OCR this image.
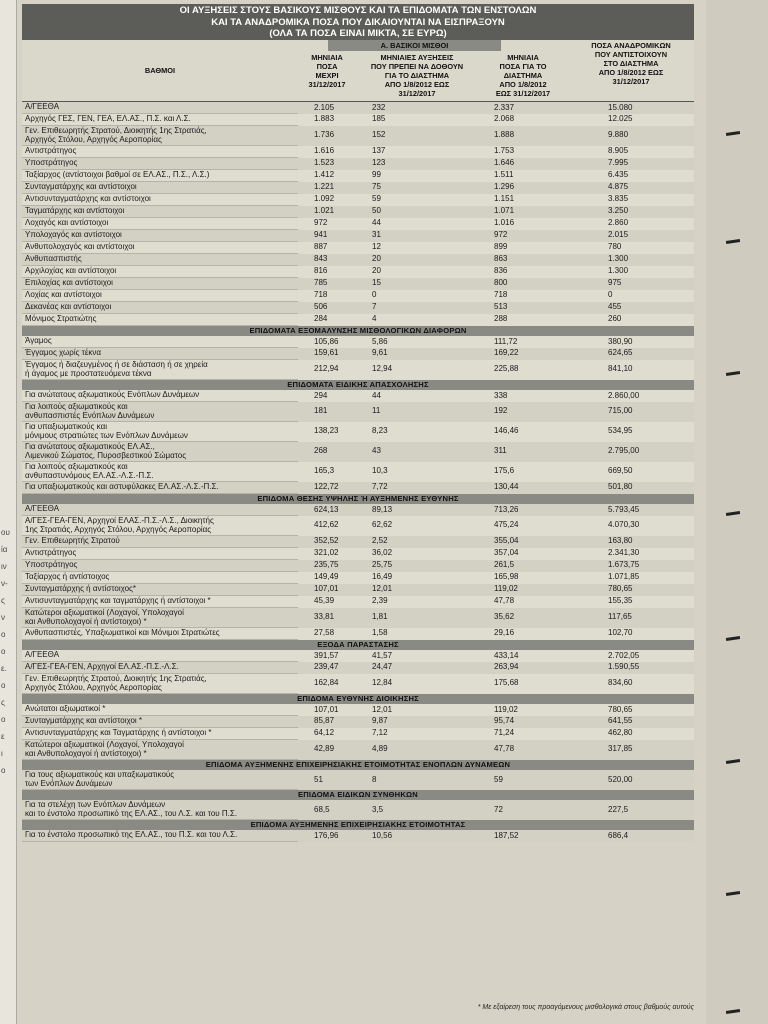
ου
ία
ιν
ν-
ς
ν
ο
ο
ε.
ο
ς
ο
ε
ι
ο
ΟΙ ΑΥΞΗΣΕΙΣ ΣΤΟΥΣ ΒΑΣΙΚΟΥΣ ΜΙΣΘΟΥΣ ΚΑΙ ΤΑ ΕΠΙΔΟΜΑΤΑ ΤΩΝ ΕΝΣΤΟΛΩΝ
ΚΑΙ ΤΑ ΑΝΑΔΡΟΜΙΚΑ ΠΟΣΑ ΠΟΥ ΔΙΚΑΙΟΥΝΤΑΙ ΝΑ ΕΙΣΠΡΑΞΟΥΝ
(ΟΛΑ ΤΑ ΠΟΣΑ ΕΙΝΑΙ ΜΙΚΤΑ, ΣΕ ΕΥΡΩ)
Α. ΒΑΣΙΚΟΙ ΜΙΣΘΟΙ
ΒΑΘΜΟΙ
ΜΗΝΙΑΙΑ
ΠΟΣΑ
ΜΕΧΡΙ
31/12/2017
ΜΗΝΙΑΙΕΣ ΑΥΞΗΣΕΙΣ
ΠΟΥ ΠΡΕΠΕΙ ΝΑ ΔΟΘΟΥΝ
ΓΙΑ ΤΟ ΔΙΑΣΤΗΜΑ
ΑΠΟ 1/8/2012 ΕΩΣ
31/12/2017
ΜΗΝΙΑΙΑ
ΠΟΣΑ ΓΙΑ ΤΟ
ΔΙΑΣΤΗΜΑ
ΑΠΟ 1/8/2012
ΕΩΣ 31/12/2017
ΠΟΣΑ ΑΝΑΔΡΟΜΙΚΩΝ
ΠΟΥ ΑΝΤΙΣΤΟΙΧΟΥΝ
ΣΤΟ ΔΙΑΣΤΗΜΑ
ΑΠΟ 1/8/2012 ΕΩΣ
31/12/2017
Α/ΓΕΕΘΑ	2.105	232	2.337	15.080
Αρχηγός ΓΕΣ, ΓΕΝ, ΓΕΑ, ΕΛ.ΑΣ., Π.Σ. και Λ.Σ.	1.883	185	2.068	12.025
Γεν. Επιθεωρητής Στρατού, Διοικητής 1ης Στρατιάς,
Αρχηγός Στόλου, Αρχηγός Αεροπορίας	1.736	152	1.888	9.880
Αντιστράτηγος	1.616	137	1.753	8.905
Υποστράτηγος	1.523	123	1.646	7.995
Ταξίαρχος (αντίστοιχοι βαθμοί σε ΕΛ.ΑΣ., Π.Σ., Λ.Σ.)	1.412	99	1.511	6.435
Συνταγματάρχης και αντίστοιχοι	1.221	75	1.296	4.875
Αντισυνταγματάρχης και αντίστοιχοι	1.092	59	1.151	3.835
Ταγματάρχης και αντίστοιχοι	1.021	50	1.071	3.250
Λοχαγός και αντίστοιχοι	972	44	1.016	2.860
Υπολοχαγός και αντίστοιχοι	941	31	972	2.015
Ανθυπολοχαγός και αντίστοιχοι	887	12	899	780
Ανθυπασπιστής	843	20	863	1.300
Αρχιλοχίας και αντίστοιχοι	816	20	836	1.300
Επιλοχίας και αντίστοιχοι	785	15	800	975
Λοχίας και αντίστοιχοι	718	0	718	0
Δεκανέας και αντίστοιχοι	506	7	513	455
Μόνιμος Στρατιώτης	284	4	288	260
ΕΠΙΔΟΜΑΤΑ ΕΞΟΜΑΛΥΝΣΗΣ ΜΙΣΘΟΛΟΓΙΚΩΝ ΔΙΑΦΟΡΩΝ				
Άγαμος	105,86	5,86	111,72	380,90
Έγγαμος χωρίς τέκνα	159,61	9,61	169,22	624,65
Έγγαμος ή διαζευγμένος ή σε διάσταση ή σε χηρεία
ή άγαμος με προστατευόμενα τέκνα	212,94	12,94	225,88	841,10
ΕΠΙΔΟΜΑΤΑ ΕΙΔΙΚΗΣ ΑΠΑΣΧΟΛΗΣΗΣ				
Για ανώτατους αξιωματικούς Ενόπλων Δυνάμεων	294	44	338	2.860,00
Για λοιπούς αξιωματικούς και
ανθυπασπιστές Ενόπλων Δυνάμεων	181	11	192	715,00
Για υπαξιωματικούς και
μόνιμους στρατιώτες των Ενόπλων Δυνάμεων	138,23	8,23	146,46	534,95
Για ανώτατους αξιωματικούς ΕΛ.ΑΣ.,
Λιμενικού Σώματος, Πυροσβεστικού Σώματος	268	43	311	2.795,00
Για λοιπούς αξιωματικούς και
ανθυπαστυνόμους ΕΛ.ΑΣ.-Λ.Σ.-Π.Σ.	165,3	10,3	175,6	669,50
Για υπαξιωματικούς και αστυφύλακες ΕΛ.ΑΣ.-Λ.Σ.-Π.Σ.	122,72	7,72	130,44	501,80
ΕΠΙΔΟΜΑ ΘΕΣΗΣ ΥΨΗΛΗΣ Ή ΑΥΞΗΜΕΝΗΣ ΕΥΘΥΝΗΣ				
Α/ΓΕΕΘΑ	624,13	89,13	713,26	5.793,45
Α/ΓΕΣ-ΓΕΑ-ΓΕΝ, Αρχηγοί ΕΛΑΣ.-Π.Σ.-Λ.Σ., Διοικητής
1ης Στρατιάς, Αρχηγός Στόλου, Αρχηγός Αεροπορίας	412,62	62,62	475,24	4.070,30
Γεν. Επιθεωρητής Στρατού	352,52	2,52	355,04	163,80
Αντιστράτηγος	321,02	36,02	357,04	2.341,30
Υποστράτηγος	235,75	25,75	261,5	1.673,75
Ταξίαρχος ή αντίστοιχος	149,49	16,49	165,98	1.071,85
Συνταγματάρχης ή αντίστοιχος*	107,01	12,01	119,02	780,65
Αντισυνταγματάρχης και ταγματάρχης ή αντίστοιχοι *	45,39	2,39	47,78	155,35
Κατώτεροι αξιωματικοί (Λοχαγοί, Υπολοχαγοί
και Ανθυπολοχαγοί ή αντίστοιχοι) *	33,81	1,81	35,62	117,65
Ανθυπασπιστές, Υπαξιωματικοί και Μόνιμοι Στρατιώτες	27,58	1,58	29,16	102,70
ΕΞΟΔΑ ΠΑΡΑΣΤΑΣΗΣ				
Α/ΓΕΕΘΑ	391,57	41,57	433,14	2.702,05
Α/ΓΕΣ-ΓΕΑ-ΓΕΝ, Αρχηγοί ΕΛ.ΑΣ.-Π.Σ.-Λ.Σ.	239,47	24,47	263,94	1.590,55
Γεν. Επιθεωρητής Στρατού, Διοικητής 1ης Στρατιάς,
Αρχηγός Στόλου, Αρχηγός Αεροπορίας	162,84	12,84	175,68	834,60
ΕΠΙΔΟΜΑ ΕΥΘΥΝΗΣ ΔΙΟΙΚΗΣΗΣ				
Ανώτατοι αξιωματικοί *	107,01	12,01	119,02	780,65
Συνταγματάρχης και αντίστοιχοι *	85,87	9,87	95,74	641,55
Αντισυνταγματάρχης και Ταγματάρχης ή αντίστοιχοι *	64,12	7,12	71,24	462,80
Κατώτεροι αξιωματικοί (Λοχαγοί, Υπολοχαγοί
και Ανθυπολοχαγοί ή αντίστοιχοι) *	42,89	4,89	47,78	317,85
ΕΠΙΔΟΜΑ ΑΥΞΗΜΕΝΗΣ ΕΠΙΧΕΙΡΗΣΙΑΚΗΣ ΕΤΟΙΜΟΤΗΤΑΣ ΕΝΟΠΛΩΝ ΔΥΝΑΜΕΩΝ				
Για τους αξιωματικούς και υπαξιωματικούς
των Ενόπλων Δυνάμεων	51	8	59	520,00
ΕΠΙΔΟΜΑ ΕΙΔΙΚΩΝ ΣΥΝΘΗΚΩΝ				
Για τα στελέχη των Ενόπλων Δυνάμεων
και το ένστολο προσωπικό της ΕΛ.ΑΣ., του Λ.Σ. και του Π.Σ.	68,5	3,5	72	227,5
ΕΠΙΔΟΜΑ ΑΥΞΗΜΕΝΗΣ ΕΠΙΧΕΙΡΗΣΙΑΚΗΣ ΕΤΟΙΜΟΤΗΤΑΣ				
Για το ένστολο προσωπικό της ΕΛ.ΑΣ., του Π.Σ. και του Λ.Σ.	176,96	10,56	187,52	686,4
* Με εξαίρεση τους προαγόμενους μισθολογικά στους βαθμούς αυτούς
